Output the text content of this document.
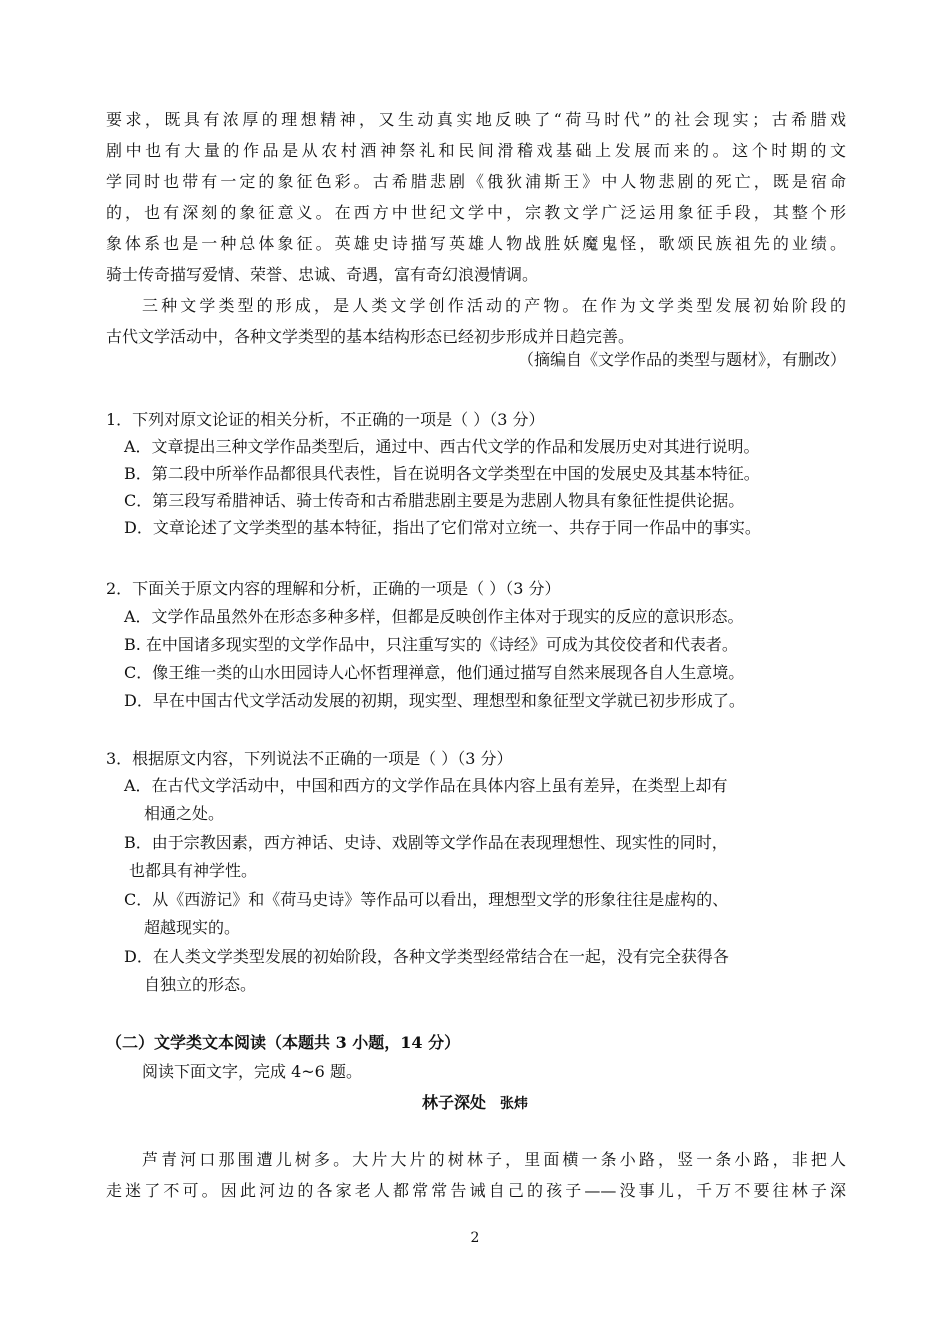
要求，既具有浓厚的理想精神，又生动真实地反映了“荷马时代”的社会现实；古希腊戏
剧中也有大量的作品是从农村酒神祭礼和民间滑稽戏基础上发展而来的。这个时期的文
学同时也带有一定的象征色彩。古希腊悲剧《俄狄浦斯王》中人物悲剧的死亡，既是宿命
的，也有深刻的象征意义。在西方中世纪文学中，宗教文学广泛运用象征手段，其整个形
象体系也是一种总体象征。英雄史诗描写英雄人物战胜妖魔鬼怪，歌颂民族祖先的业绩。
骑士传奇描写爱情、荣誉、忠诚、奇遇，富有奇幻浪漫情调。
三种文学类型的形成，是人类文学创作活动的产物。在作为文学类型发展初始阶段的
古代文学活动中，各种文学类型的基本结构形态已经初步形成并日趋完善。
（摘编自《文学作品的类型与题材》，有删改）
1．下列对原文论证的相关分析，不正确的一项是（ ）（3 分）
A．文章提出三种文学作品类型后，通过中、西古代文学的作品和发展历史对其进行说明。
B．第二段中所举作品都很具代表性，旨在说明各文学类型在中国的发展史及其基本特征。
C．第三段写希腊神话、骑士传奇和古希腊悲剧主要是为悲剧人物具有象征性提供论据。
D．文章论述了文学类型的基本特征，指出了它们常对立统一、共存于同一作品中的事实。
2．下面关于原文内容的理解和分析，正确的一项是（ ）（3 分）
A．文学作品虽然外在形态多种多样，但都是反映创作主体对于现实的反应的意识形态。
B. 在中国诸多现实型的文学作品中，只注重写实的《诗经》可成为其佼佼者和代表者。
C．像王维一类的山水田园诗人心怀哲理禅意，他们通过描写自然来展现各自人生意境。
D．早在中国古代文学活动发展的初期，现实型、理想型和象征型文学就已初步形成了。
3．根据原文内容，下列说法不正确的一项是（ ）（3 分）
A．在古代文学活动中，中国和西方的文学作品在具体内容上虽有差异，在类型上却有
相通之处。
B．由于宗教因素，西方神话、史诗、戏剧等文学作品在表现理想性、现实性的同时，
也都具有神学性。
C．从《西游记》和《荷马史诗》等作品可以看出，理想型文学的形象往往是虚构的、
超越现实的。
D．在人类文学类型发展的初始阶段，各种文学类型经常结合在一起，没有完全获得各
自独立的形态。
（二）文学类文本阅读（本题共 3 小题，14 分）
阅读下面文字，完成 4~6 题。
林子深处 张炜
芦青河口那围遭儿树多。大片大片的树林子，里面横一条小路，竖一条小路，非把人
走迷了不可。因此河边的各家老人都常常告诫自己的孩子——没事儿，千万不要往林子深
2
